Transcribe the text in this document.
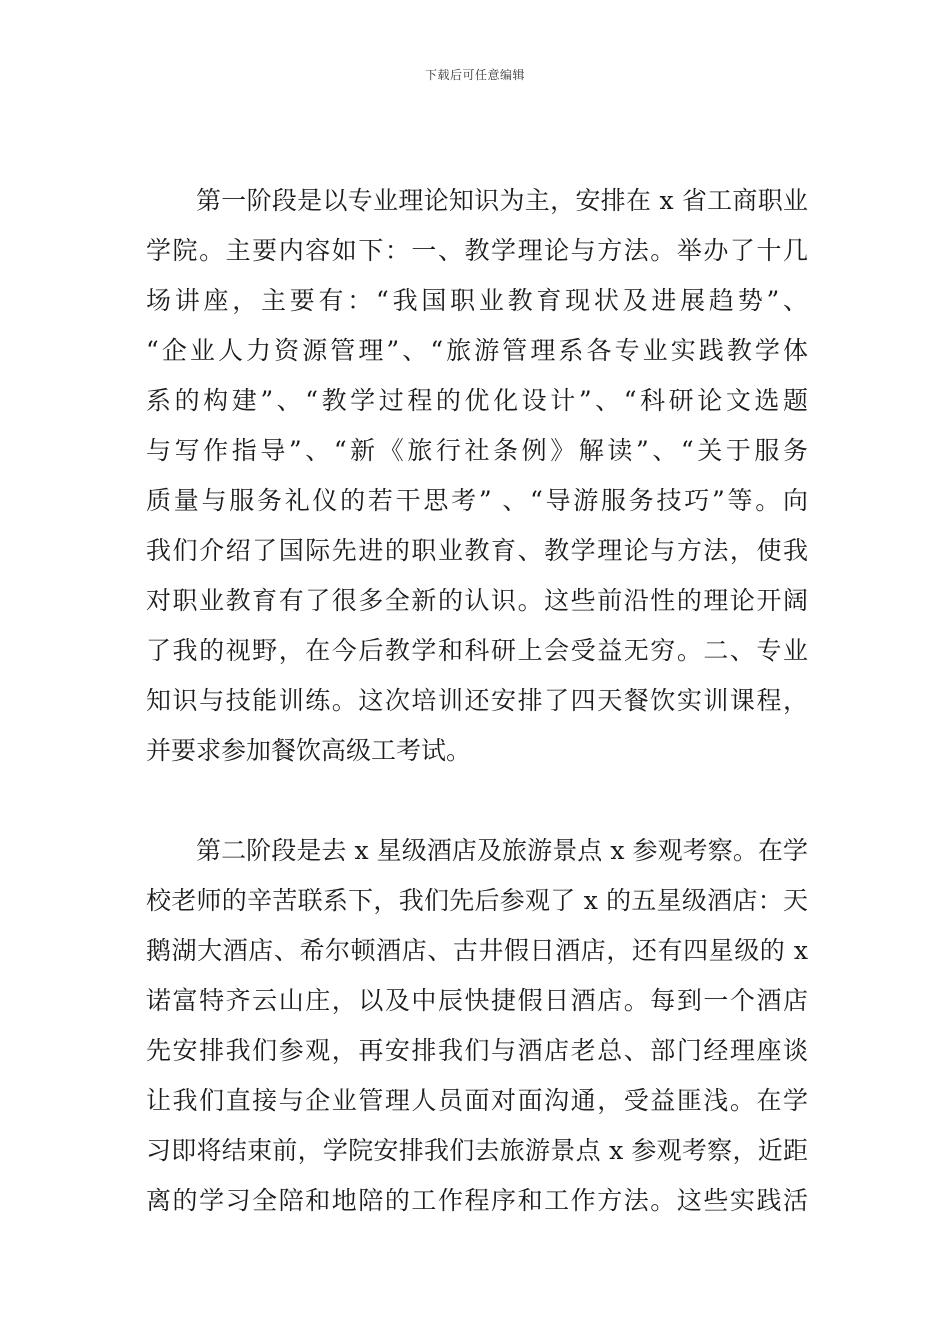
下载后可任意编辑
第一阶段是以专业理论知识为主，安排在 x 省工商职业
学院。主要内容如下：一、教学理论与方法。举办了十几
场讲座，主要有：“我国职业教育现状及进展趋势”、
“企业人力资源管理”、“旅游管理系各专业实践教学体
系的构建”、“教学过程的优化设计”、“科研论文选题
与写作指导”、“新《旅行社条例》解读”、“关于服务
质量与服务礼仪的若干思考” 、“导游服务技巧”等。向
我们介绍了国际先进的职业教育、教学理论与方法，使我
对职业教育有了很多全新的认识。这些前沿性的理论开阔
了我的视野，在今后教学和科研上会受益无穷。二、专业
知识与技能训练。这次培训还安排了四天餐饮实训课程，
并要求参加餐饮高级工考试。
第二阶段是去 x 星级酒店及旅游景点 x 参观考察。在学
校老师的辛苦联系下，我们先后参观了 x 的五星级酒店：天
鹅湖大酒店、希尔顿酒店、古井假日酒店，还有四星级的 x
诺富特齐云山庄，以及中辰快捷假日酒店。每到一个酒店
先安排我们参观，再安排我们与酒店老总、部门经理座谈
让我们直接与企业管理人员面对面沟通，受益匪浅。在学
习即将结束前，学院安排我们去旅游景点 x 参观考察，近距
离的学习全陪和地陪的工作程序和工作方法。这些实践活
